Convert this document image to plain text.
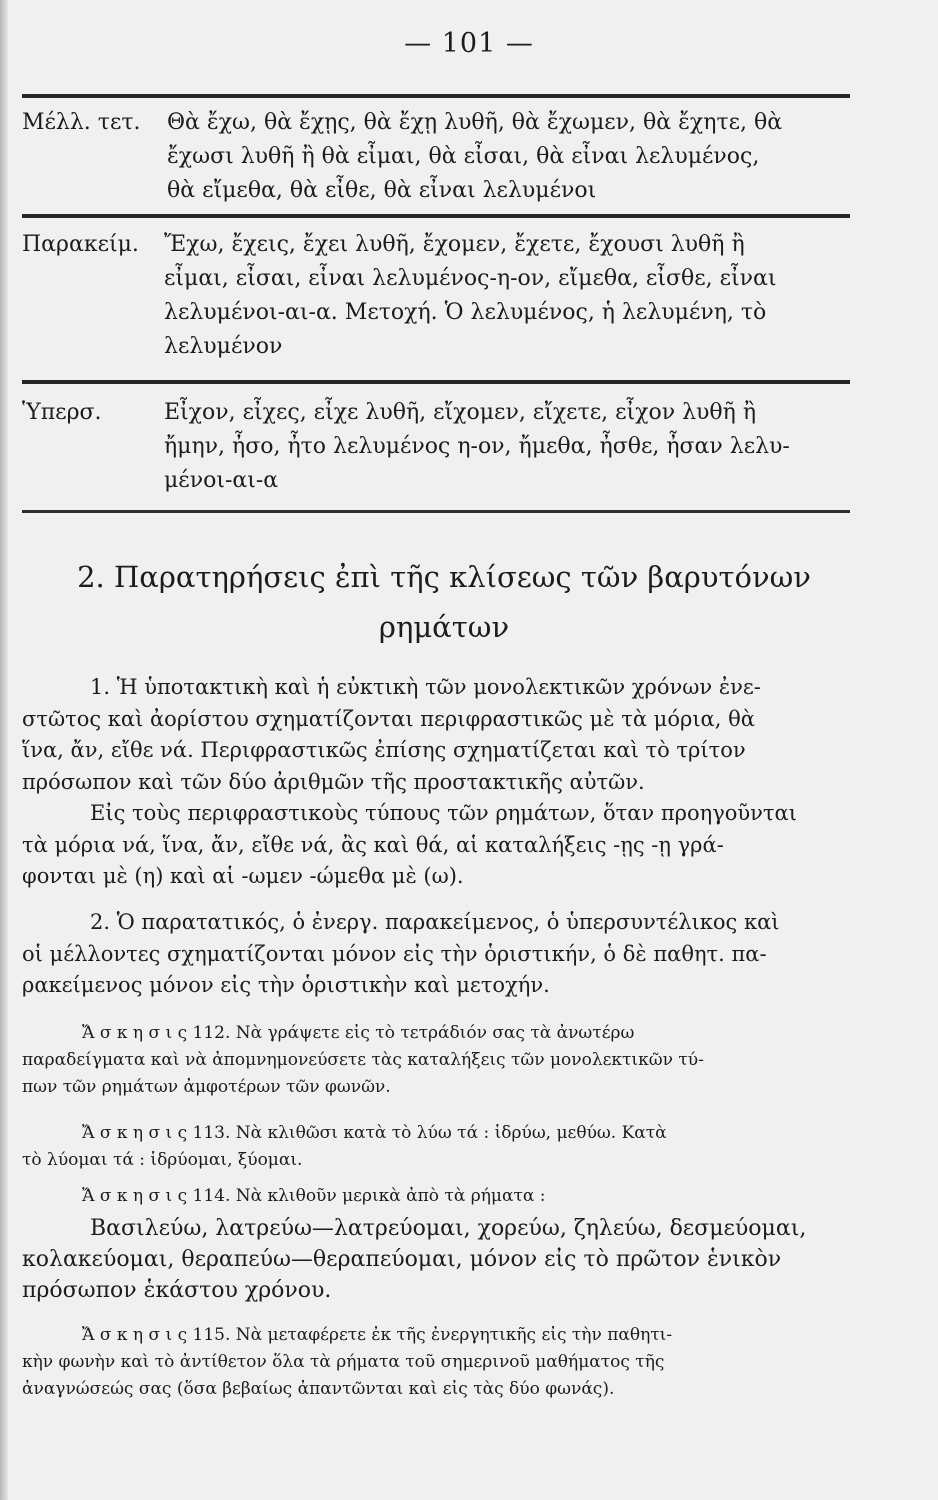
— 101 —
Μέλλ. τετ. Θὰ ἔχω, θὰ ἔχῃς, θὰ ἔχῃ λυθῆ, θὰ ἔχωμεν, θὰ ἔχητε, θὰ
ἔχωσι λυθῆ ἢ θὰ εἶμαι, θὰ εἶσαι, θὰ εἶναι λελυμένος,
θὰ εἴμεθα, θὰ εἶθε, θὰ εἶναι λελυμένοι
Παρακείμ. Ἔχω, ἔχεις, ἔχει λυθῆ, ἔχομεν, ἔχετε, ἔχουσι λυθῆ ἢ
εἶμαι, εἶσαι, εἶναι λελυμένος-η-ον, εἴμεθα, εἶσθε, εἶναι
λελυμένοι-αι-α. Μετοχή. Ὁ λελυμένος, ἡ λελυμένη, τὸ
λελυμένον
Ὑπερσ.	Εἶχον, εἶχες, εἶχε λυθῆ, εἴχομεν, εἴχετε, εἶχον λυθῆ ἢ
ἤμην, ἦσο, ἦτο λελυμένος η-ον, ἤμεθα, ἦσθε, ἦσαν λελυ-
μένοι-αι-α
2. Παρατηρήσεις ἐπὶ τῆς κλίσεως τῶν βαρυτόνων
ρημάτων
1. Ἡ ὑποτακτικὴ καὶ ἡ εὐκτικὴ τῶν μονολεκτικῶν χρόνων ἐνε-
στῶτος καὶ ἀορίστου σχηματίζονται περιφραστικῶς μὲ τὰ μόρια, θὰ
ἵνα, ἄν, εἴθε νά. Περιφραστικῶς ἐπίσης σχηματίζεται καὶ τὸ τρίτον
πρόσωπον καὶ τῶν δύο ἀριθμῶν τῆς προστακτικῆς αὐτῶν.
Εἰς τοὺς περιφραστικοὺς τύπους τῶν ρημάτων, ὅταν προηγοῦνται
τὰ μόρια νά, ἵνα, ἄν, εἴθε νά, ἂς καὶ θά, αἱ καταλήξεις -ῃς -ῃ γρά-
φονται μὲ (η) καὶ αἱ -ωμεν -ώμεθα μὲ (ω).
2. Ὁ παρατατικός, ὁ ἐνεργ. παρακείμενος, ὁ ὑπερσυντέλικος καὶ
οἱ μέλλοντες σχηματίζονται μόνον εἰς τὴν ὁριστικήν, ὁ δὲ παθητ. πα-
ρακείμενος μόνον εἰς τὴν ὁριστικὴν καὶ μετοχήν.
Ἄ σ κ η σ ι ς 112. Νὰ γράψετε εἰς τὸ τετράδιόν σας τὰ ἀνωτέρω
παραδείγματα καὶ νὰ ἀπομνημονεύσετε τὰς καταλήξεις τῶν μονολεκτικῶν τύ-
πων τῶν ρημάτων ἀμφοτέρων τῶν φωνῶν.
Ἄ σ κ η σ ι ς 113. Νὰ κλιθῶσι κατὰ τὸ λύω τά : ἱδρύω, μεθύω. Κατὰ
τὸ λύομαι τά : ἱδρύομαι, ξύομαι.
Ἄ σ κ η σ ι ς 114. Νὰ κλιθοῦν μερικὰ ἀπὸ τὰ ρήματα :
Βασιλεύω, λατρεύω—λατρεύομαι, χορεύω, ζηλεύω, δεσμεύομαι,
κολακεύομαι, θεραπεύω—θεραπεύομαι, μόνον εἰς τὸ πρῶτον ἑνικὸν
πρόσωπον ἑκάστου χρόνου.
Ἄ σ κ η σ ι ς 115. Νὰ μεταφέρετε ἐκ τῆς ἐνεργητικῆς εἰς τὴν παθητι-
κὴν φωνὴν καὶ τὸ ἀντίθετον ὅλα τὰ ρήματα τοῦ σημερινοῦ μαθήματος τῆς
ἀναγνώσεώς σας (ὅσα βεβαίως ἀπαντῶνται καὶ εἰς τὰς δύο φωνάς).
